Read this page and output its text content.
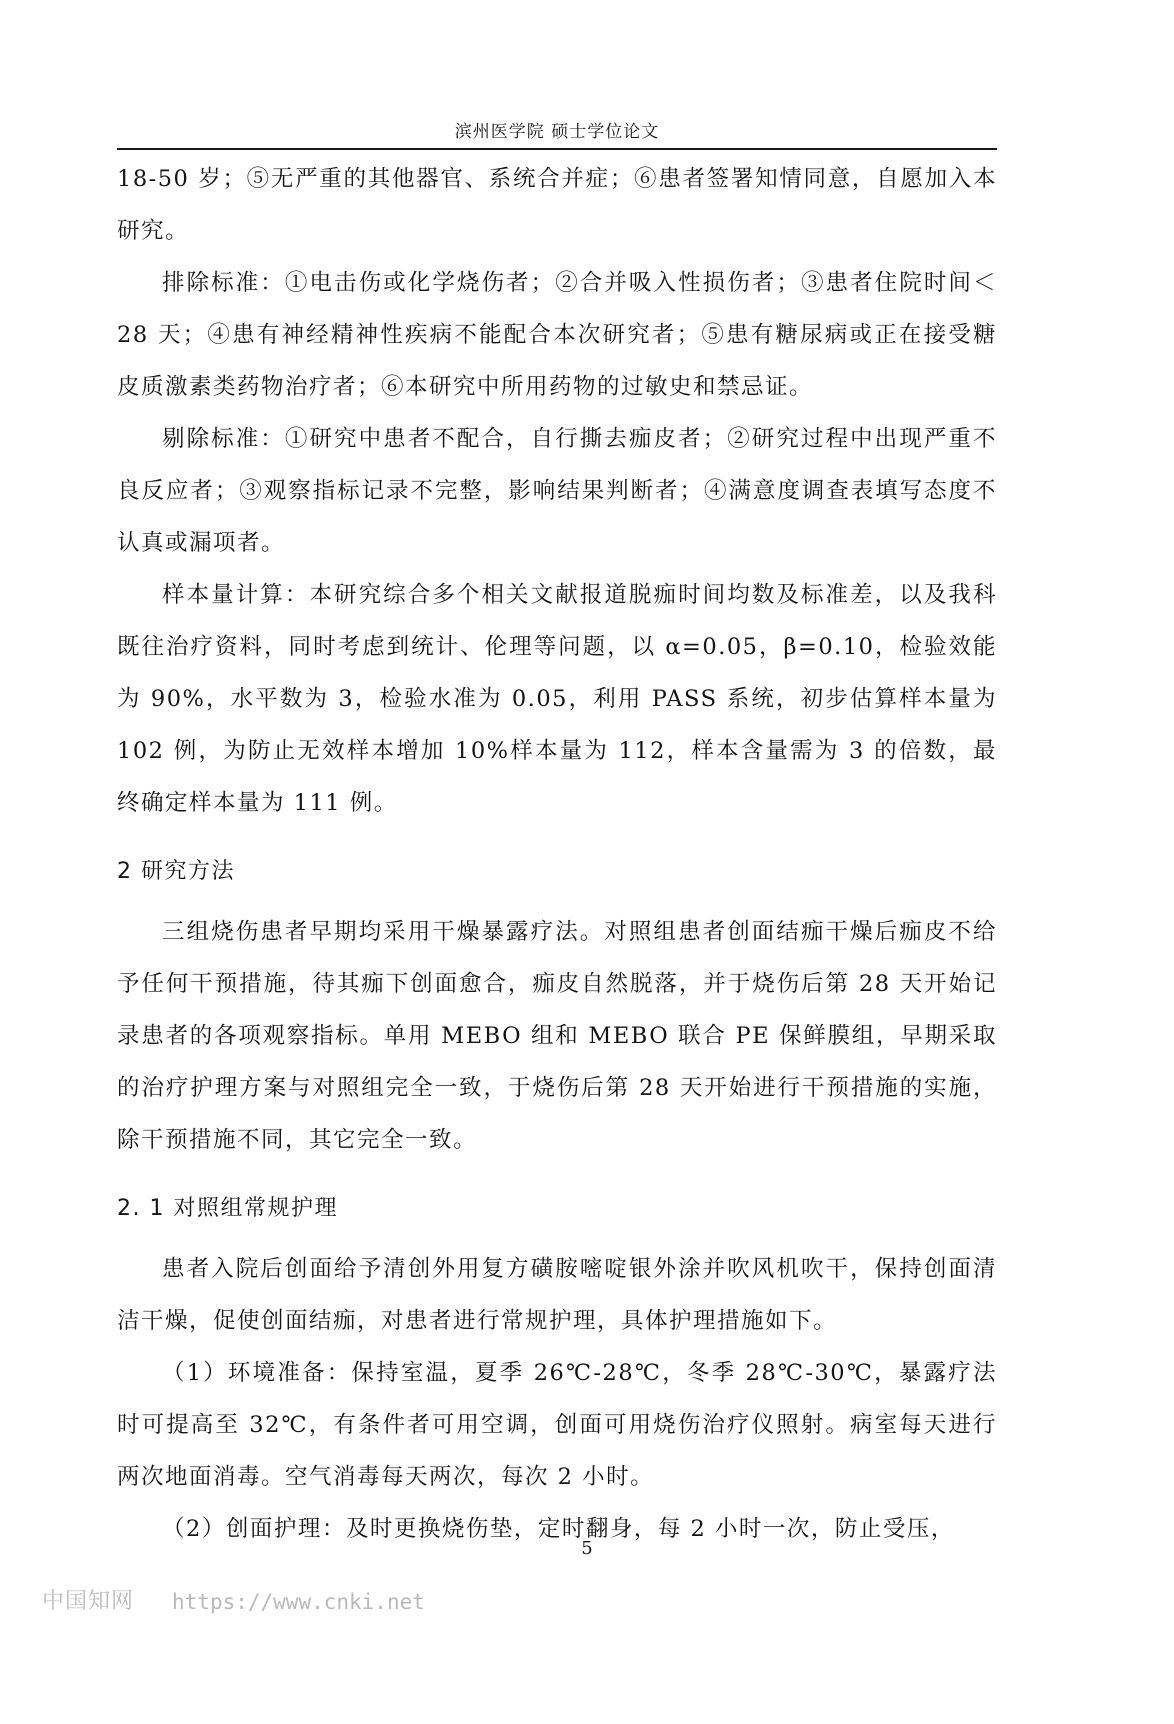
滨州医学院 硕士学位论文

18-50 岁；⑤无严重的其他器官、系统合并症；⑥患者签署知情同意，自愿加入本研究。

排除标准：①电击伤或化学烧伤者；②合并吸入性损伤者；③患者住院时间＜28 天；④患有神经精神性疾病不能配合本次研究者；⑤患有糖尿病或正在接受糖皮质激素类药物治疗者；⑥本研究中所用药物的过敏史和禁忌证。

剔除标准：①研究中患者不配合，自行撕去痂皮者；②研究过程中出现严重不良反应者；③观察指标记录不完整，影响结果判断者；④满意度调查表填写态度不认真或漏项者。

样本量计算：本研究综合多个相关文献报道脱痂时间均数及标准差，以及我科既往治疗资料，同时考虑到统计、伦理等问题，以 α=0.05，β=0.10，检验效能为 90%，水平数为 3，检验水准为 0.05，利用 PASS 系统，初步估算样本量为 102 例，为防止无效样本增加 10%样本量为 112，样本含量需为 3 的倍数，最终确定样本量为 111 例。

2 研究方法

三组烧伤患者早期均采用干燥暴露疗法。对照组患者创面结痂干燥后痂皮不给予任何干预措施，待其痂下创面愈合，痂皮自然脱落，并于烧伤后第 28 天开始记录患者的各项观察指标。单用 MEBO 组和 MEBO 联合 PE 保鲜膜组，早期采取的治疗护理方案与对照组完全一致，于烧伤后第 28 天开始进行干预措施的实施，除干预措施不同，其它完全一致。

2. 1 对照组常规护理

患者入院后创面给予清创外用复方磺胺嘧啶银外涂并吹风机吹干，保持创面清洁干燥，促使创面结痂，对患者进行常规护理，具体护理措施如下。

（1）环境准备：保持室温，夏季 26℃-28℃，冬季 28℃-30℃，暴露疗法时可提高至 32℃，有条件者可用空调，创面可用烧伤治疗仪照射。病室每天进行两次地面消毒。空气消毒每天两次，每次 2 小时。

（2）创面护理：及时更换烧伤垫，定时翻身，每 2 小时一次，防止受压，

5
中国知网 https://www.cnki.net
